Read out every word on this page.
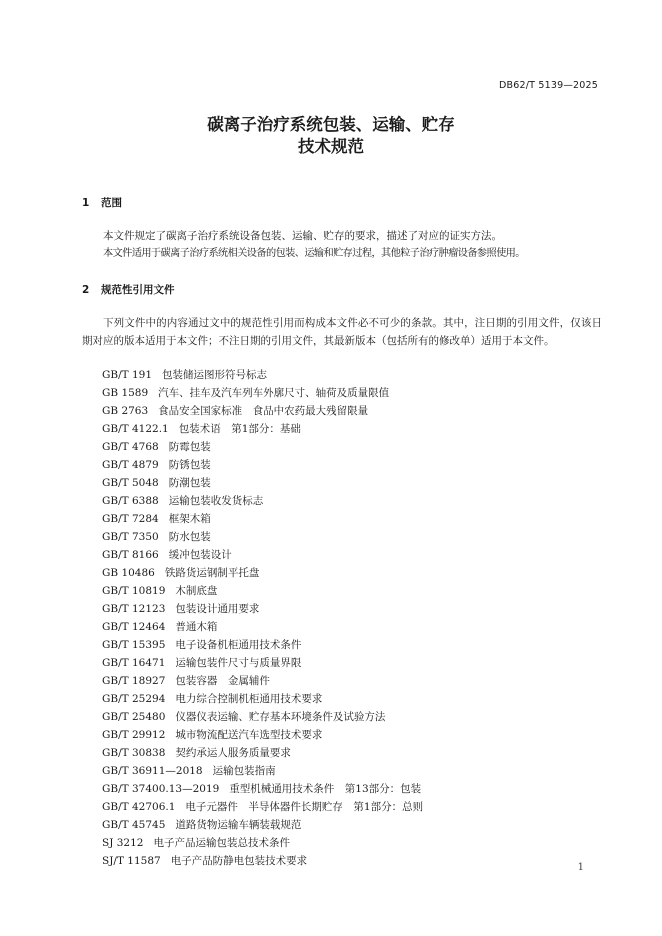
DB62/T 5139—2025
碳离子治疗系统包装、运输、贮存
技术规范
1 范围
本文件规定了碳离子治疗系统设备包装、运输、贮存的要求，描述了对应的证实方法。
本文件适用于碳离子治疗系统相关设备的包装、运输和贮存过程，其他粒子治疗肿瘤设备参照使用。
2 规范性引用文件
下列文件中的内容通过文中的规范性引用而构成本文件必不可少的条款。其中，注日期的引用文件，仅该日期对应的版本适用于本文件；不注日期的引用文件，其最新版本（包括所有的修改单）适用于本文件。
GB/T 191 包装储运图形符号标志
GB 1589 汽车、挂车及汽车列车外廓尺寸、轴荷及质量限值
GB 2763 食品安全国家标准　食品中农药最大残留限量
GB/T 4122.1 包装术语　第1部分：基础
GB/T 4768 防霉包装
GB/T 4879 防锈包装
GB/T 5048 防潮包装
GB/T 6388 运输包装收发货标志
GB/T 7284 框架木箱
GB/T 7350 防水包装
GB/T 8166 缓冲包装设计
GB 10486 铁路货运钢制平托盘
GB/T 10819 木制底盘
GB/T 12123 包装设计通用要求
GB/T 12464 普通木箱
GB/T 15395 电子设备机柜通用技术条件
GB/T 16471 运输包装件尺寸与质量界限
GB/T 18927 包装容器　金属辅件
GB/T 25294 电力综合控制机柜通用技术要求
GB/T 25480 仪器仪表运输、贮存基本环境条件及试验方法
GB/T 29912 城市物流配送汽车选型技术要求
GB/T 30838 契约承运人服务质量要求
GB/T 36911—2018 运输包装指南
GB/T 37400.13—2019 重型机械通用技术条件　第13部分：包装
GB/T 42706.1 电子元器件　半导体器件长期贮存　第1部分：总则
GB/T 45745 道路货物运输车辆装载规范
SJ 3212 电子产品运输包装总技术条件
SJ/T 11587 电子产品防静电包装技术要求
1
